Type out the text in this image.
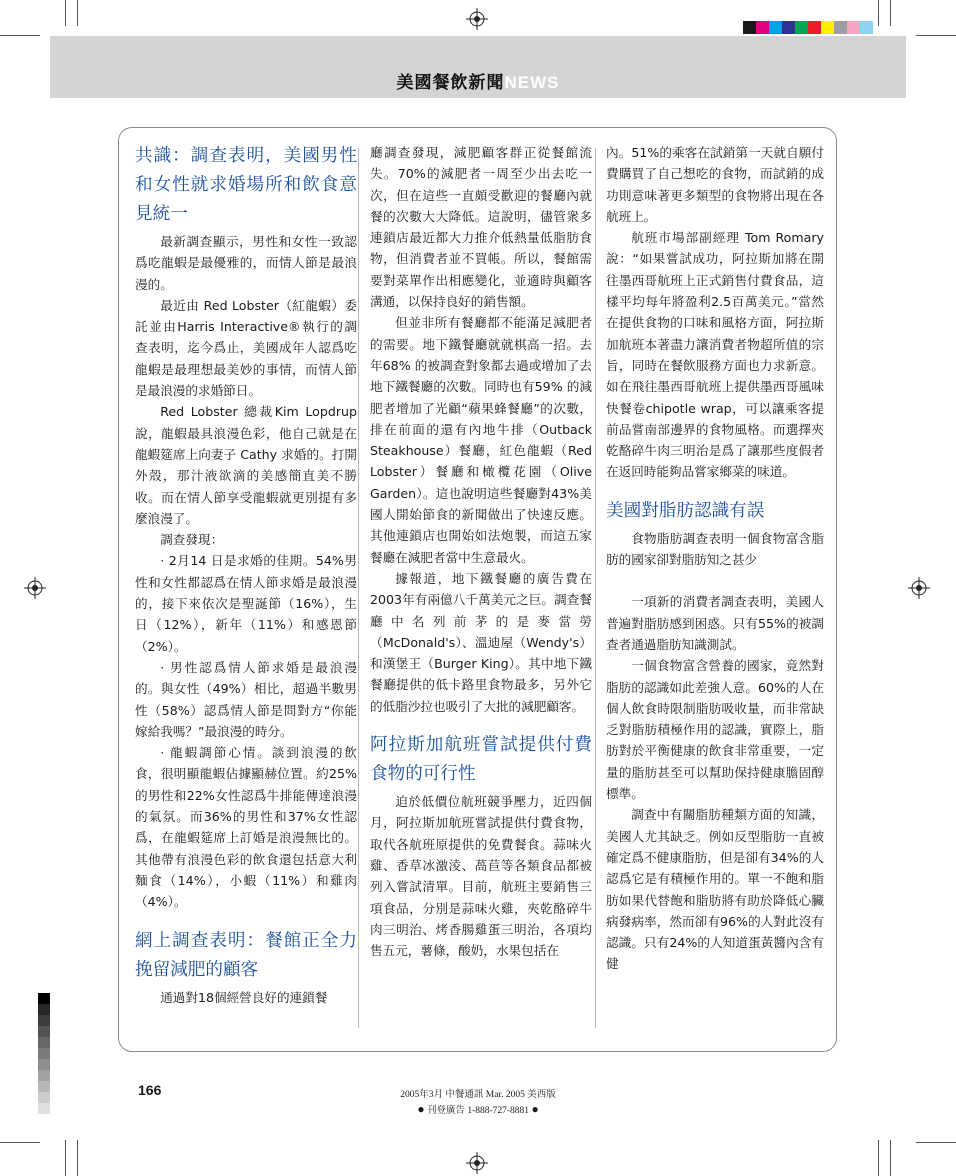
美國餐飲新聞NEWS
共識：調查表明，美國男性和女性就求婚場所和飲食意見統一

最新調查顯示，男性和女性一致認爲吃龍蝦是最優雅的，而情人節是最浪漫的。

最近由 Red Lobster（紅龍蝦）委託並由Harris Interactive®執行的調查表明，迄今爲止，美國成年人認爲吃龍蝦是最理想最美妙的事情，而情人節是最浪漫的求婚節日。

Red Lobster 總裁Kim Lopdrup說，龍蝦最具浪漫色彩，他自己就是在龍蝦筵席上向妻子 Cathy 求婚的。打開外殼，那汁液欲滴的美感簡直美不勝收。而在情人節享受龍蝦就更別提有多麼浪漫了。

調查發現：

· 2月14 日是求婚的佳期。54%男性和女性都認爲在情人節求婚是最浪漫的，接下來依次是聖誕節（16%），生日（12%），新年（11%）和感恩節（2%）。

· 男性認爲情人節求婚是最浪漫的。與女性（49%）相比，超過半數男性（58%）認爲情人節是問對方“你能嫁給我嗎？”最浪漫的時分。

· 龍蝦調節心情。談到浪漫的飲食，很明顯龍蝦佔據顯赫位置。約25%的男性和22%女性認爲牛排能傳達浪漫的氣氛。而36%的男性和37%女性認爲，在龍蝦筵席上訂婚是浪漫無比的。其他帶有浪漫色彩的飲食還包括意大利麵食（14%），小蝦（11%）和雞肉（4%）。

網上調查表明：餐館正全力挽留減肥的顧客

通過對18個經營良好的連鎖餐

廳調查發現，減肥顧客群正從餐館流失。70%的減肥者一周至少出去吃一次，但在這些一直頗受歡迎的餐廳內就餐的次數大大降低。這說明，儘管衆多連鎖店最近都大力推介低熱量低脂肪食物，但消費者並不買帳。所以，餐館需要對菜單作出相應變化，並適時與顧客溝通，以保持良好的銷售額。

但並非所有餐廳都不能滿足減肥者的需要。地下鐵餐廳就就棋高一招。去年68% 的被調查對象都去過或增加了去地下鐵餐廳的次數。同時也有59% 的減肥者增加了光顧“蘋果蜂餐廳”的次數，排在前面的還有內地牛排（Outback Steakhouse）餐廳，紅色龍蝦（Red Lobster）餐廳和橄欖花園（Olive Garden）。這也說明這些餐廳對43%美國人開始節食的新聞做出了快速反應。其他連鎖店也開始如法炮製，而這五家餐廳在減肥者當中生意最火。

據報道，地下鐵餐廳的廣告費在2003年有兩億八千萬美元之巨。調查餐廳中名列前茅的是麥當勞（McDonald's）、溫迪屋（Wendy's）和漢堡王（Burger King）。其中地下鐵餐廳提供的低卡路里食物最多，另外它的低脂沙拉也吸引了大批的減肥顧客。

阿拉斯加航班嘗試提供付費食物的可行性

迫於低價位航班競爭壓力，近四個月，阿拉斯加航班嘗試提供付費食物，取代各航班原提供的免費餐食。蒜味火雞、香草冰激淩、萵苣等各類食品都被列入嘗試清單。目前，航班主要銷售三項食品，分別是蒜味火雞，夾乾酪碎牛肉三明治、烤香腸雞蛋三明治，各項均售五元，薯條，酸奶，水果包括在

內。51%的乘客在試銷第一天就自願付費購買了自己想吃的食物，而試銷的成功則意味著更多類型的食物將出現在各航班上。

航班市場部副經理 Tom Romary 說：“如果嘗試成功，阿拉斯加將在開往墨西哥航班上正式銷售付費食品，這樣平均每年將盈利2.5百萬美元。”當然在提供食物的口味和風格方面，阿拉斯加航班本著盡力讓消費者物超所值的宗旨，同時在餐飲服務方面也力求新意。如在飛往墨西哥航班上提供墨西哥風味快餐卷chipotle wrap，可以讓乘客提前品嘗南部邊界的食物風格。而選擇夾乾酪碎牛肉三明治是爲了讓那些度假者在返回時能夠品嘗家鄉菜的味道。

美國對脂肪認識有誤

食物脂肪調查表明一個食物富含脂肪的國家卻對脂肪知之甚少

一項新的消費者調查表明，美國人普遍對脂肪感到困惑。只有55%的被調查者通過脂肪知識測試。

一個食物富含營養的國家，竟然對脂肪的認識如此差強人意。60%的人在個人飲食時限制脂肪吸收量，而非常缺乏對脂肪積極作用的認識，實際上，脂肪對於平衡健康的飲食非常重要，一定量的脂肪甚至可以幫助保持健康膽固醇標準。

調查中有關脂肪種類方面的知識，美國人尤其缺乏。例如反型脂肪一直被確定爲不健康脂肪，但是卻有34%的人認爲它是有積極作用的。單一不飽和脂肪如果代替飽和脂肪將有助於降低心臟病發病率，然而卻有96%的人對此沒有認識。只有24%的人知道蛋黃醬內含有健

166	2005年3月 中餐通訊 Mar. 2005 美西版
● 刊登廣告 1-888-727-8881 ●
